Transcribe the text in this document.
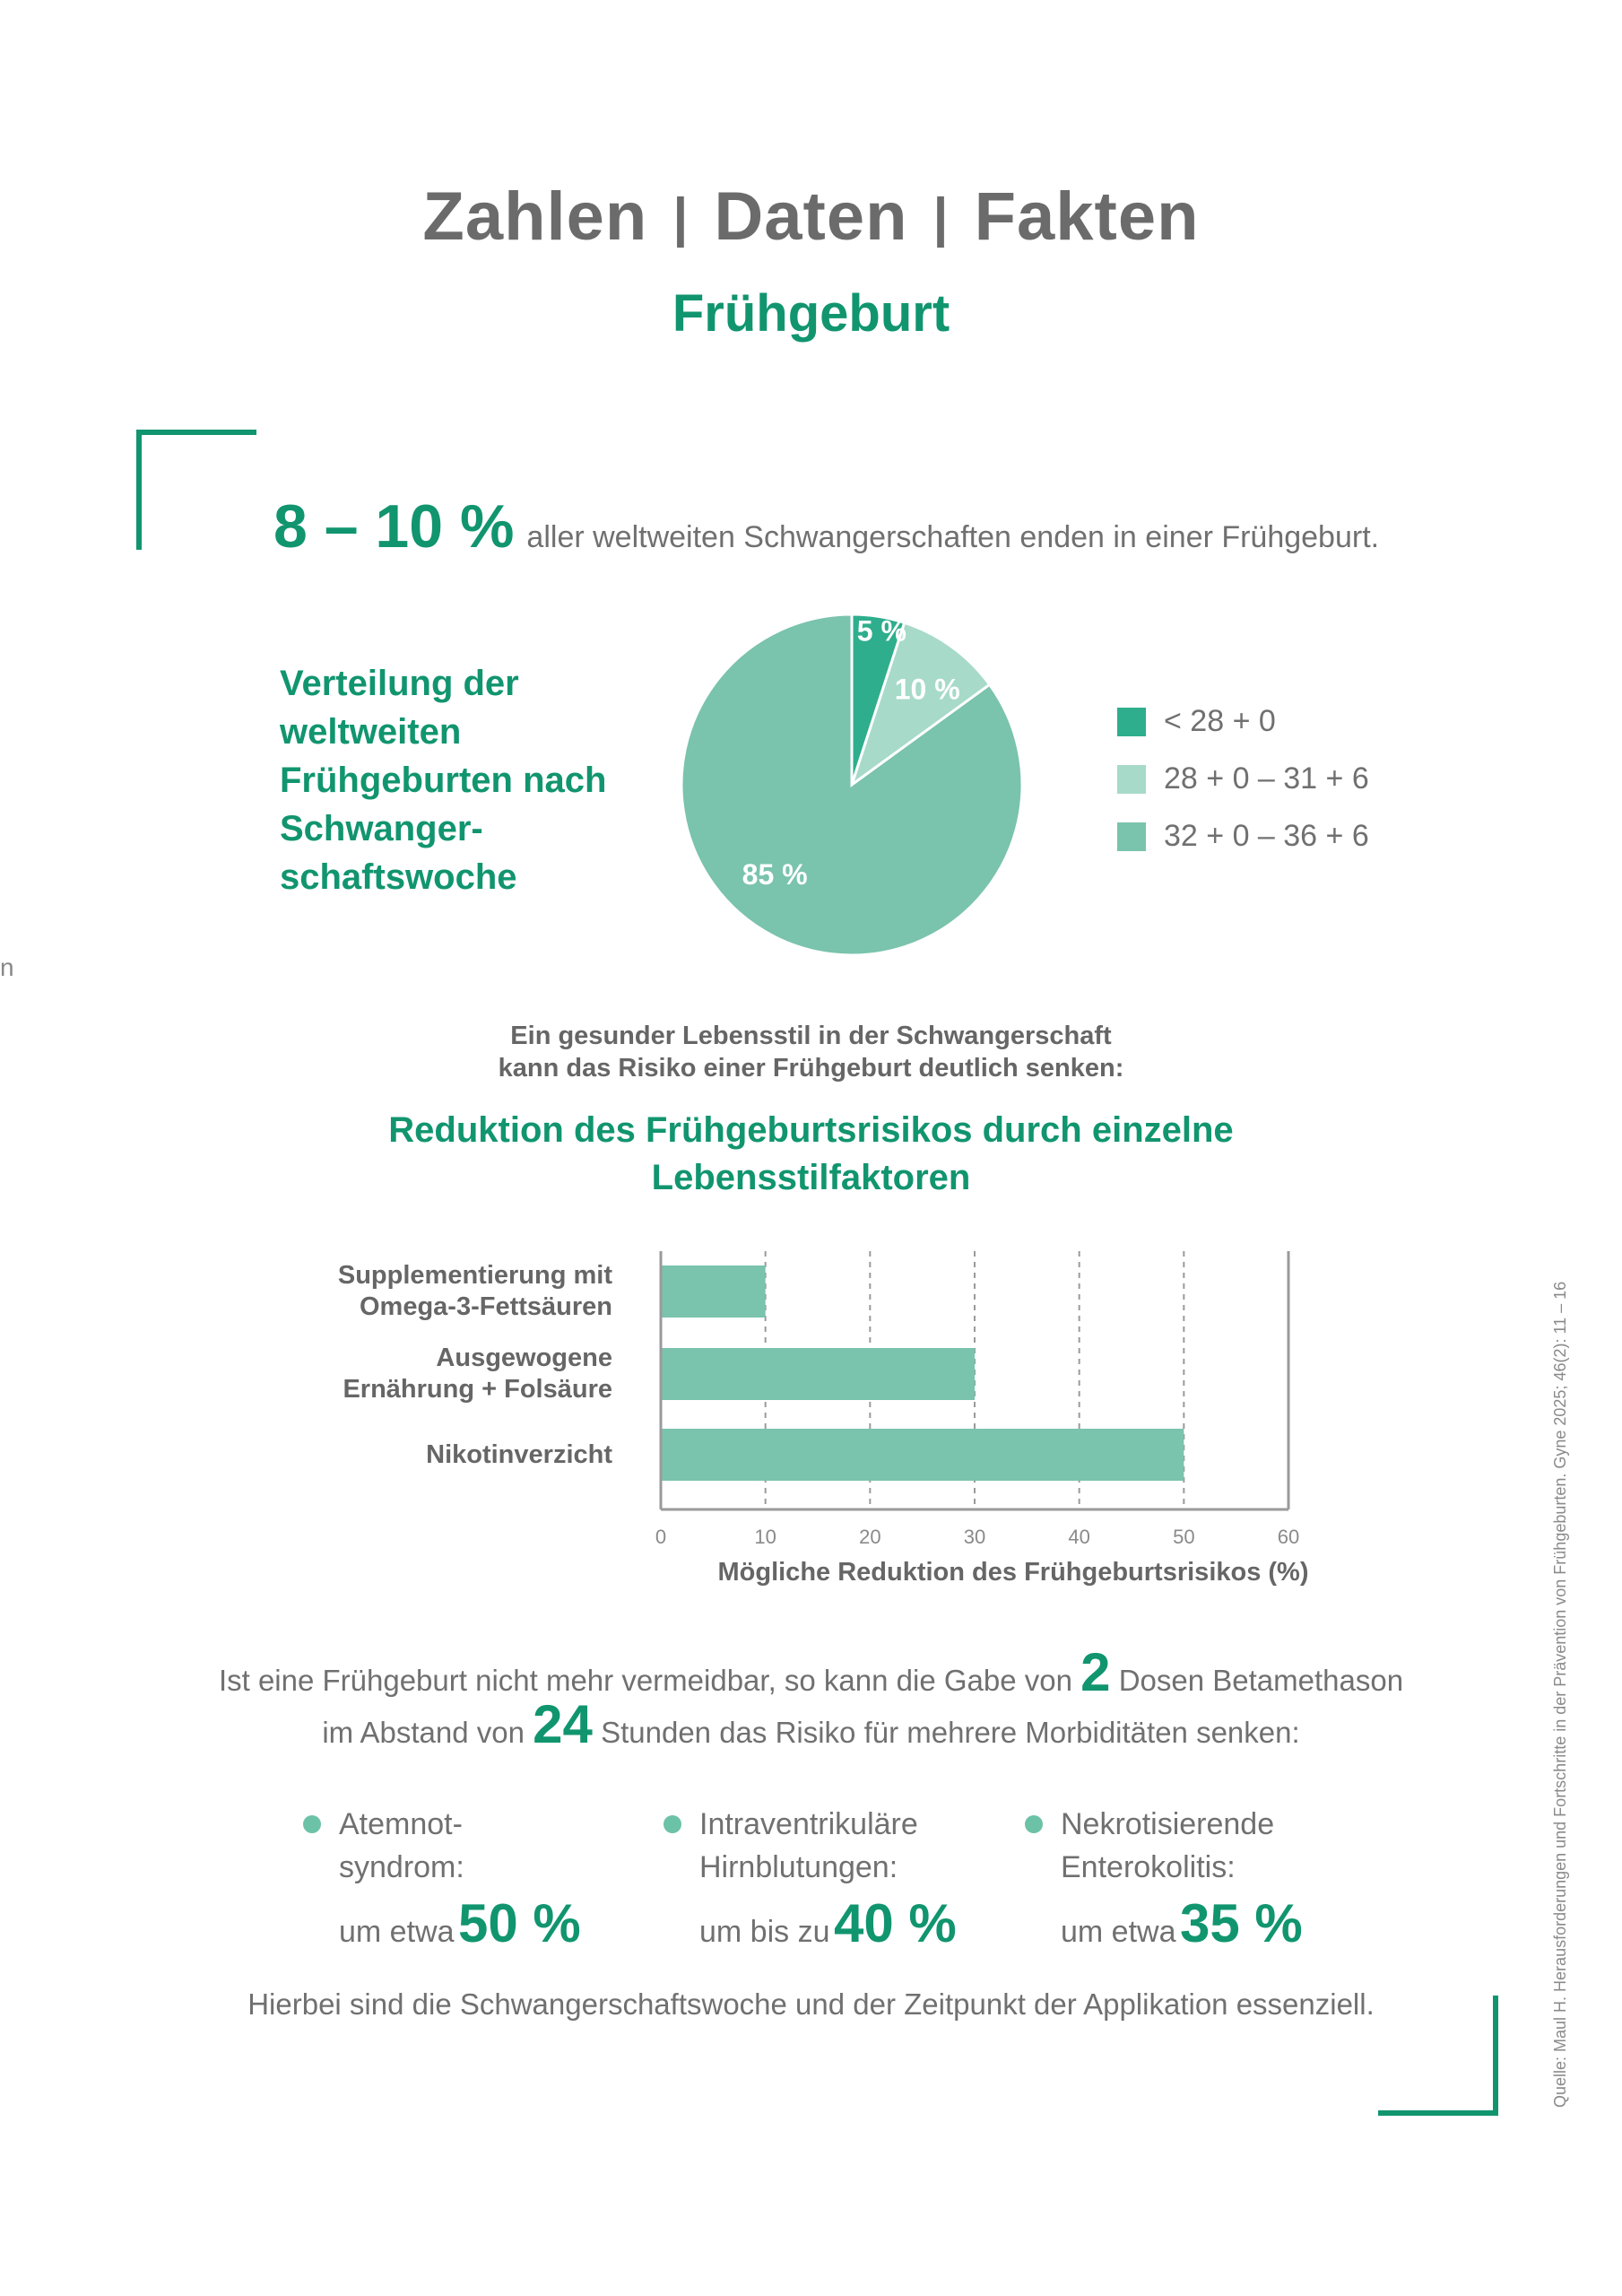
Zahlen | Daten | Fakten
Frühgeburt
n
8 – 10 % aller weltweiten Schwangerschaften enden in einer Frühgeburt.
Verteilung der weltweiten Frühgeburten nach Schwanger-schaftswoche
5 %
10 %
85 %
< 28 + 0
28 + 0 – 31 + 6
32 + 0 – 36 + 6
Ein gesunder Lebensstil in der Schwangerschaft
kann das Risiko einer Frühgeburt deutlich senken:
Reduktion des Frühgeburtsrisikos durch einzelne
Lebensstilfaktoren
Supplementierung mit
Omega-3-Fettsäuren
Ausgewogene
Ernährung + Folsäure
Nikotinverzicht
0	10	20	30	40	50	60
Mögliche Reduktion des Frühgeburtsrisikos (%)
Ist eine Frühgeburt nicht mehr vermeidbar, so kann die Gabe von 2 Dosen Betamethason
im Abstand von 24 Stunden das Risiko für mehrere Morbiditäten senken:
Atemnot-
syndrom:
um etwa 50 %
Intraventrikuläre
Hirnblutungen:
um bis zu 40 %
Nekrotisierende
Enterokolitis:
um etwa 35 %
Hierbei sind die Schwangerschaftswoche und der Zeitpunkt der Applikation essenziell.	Quelle: Maul H. Herausforderungen und Fortschritte in der Prävention von Frühgeburten. Gyne 2025; 46(2): 11 – 16
